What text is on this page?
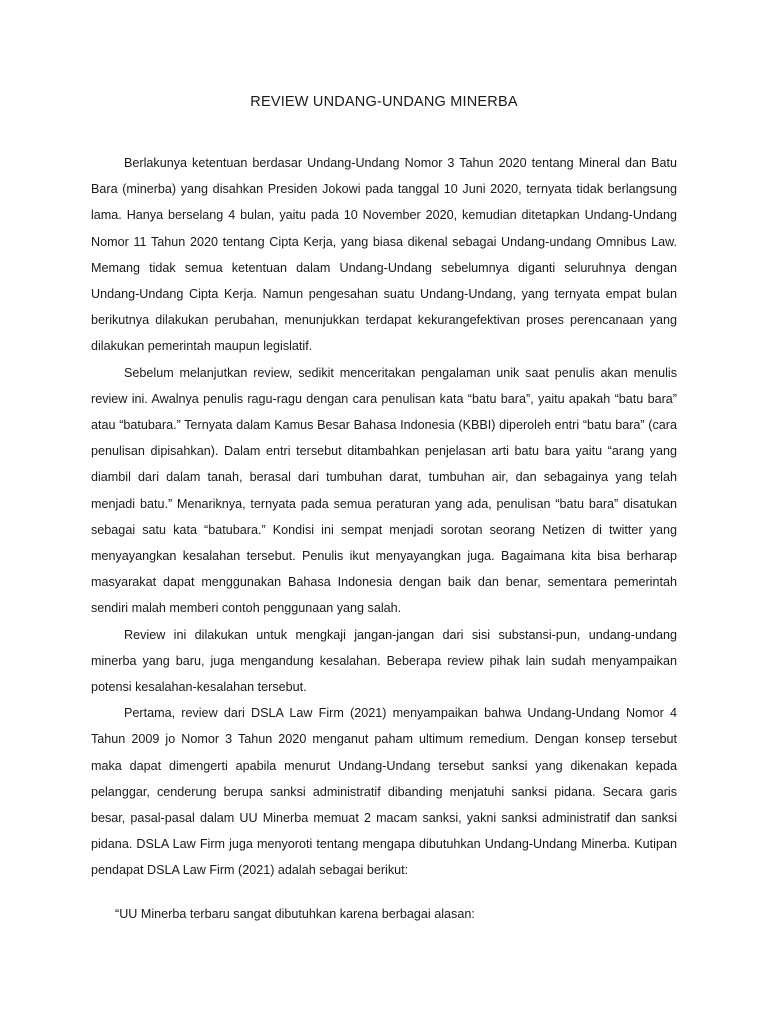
REVIEW UNDANG-UNDANG MINERBA

Berlakunya ketentuan berdasar Undang-Undang Nomor 3 Tahun 2020 tentang Mineral dan Batu Bara (minerba) yang disahkan Presiden Jokowi pada tanggal 10 Juni 2020, ternyata tidak berlangsung lama. Hanya berselang 4 bulan, yaitu pada 10 November 2020, kemudian ditetapkan Undang-Undang Nomor 11 Tahun 2020 tentang Cipta Kerja, yang biasa dikenal sebagai Undang-undang Omnibus Law. Memang tidak semua ketentuan dalam Undang-Undang sebelumnya diganti seluruhnya dengan Undang-Undang Cipta Kerja. Namun pengesahan suatu Undang-Undang, yang ternyata empat bulan berikutnya dilakukan perubahan, menunjukkan terdapat kekurangefektivan proses perencanaan yang dilakukan pemerintah maupun legislatif.

Sebelum melanjutkan review, sedikit menceritakan pengalaman unik saat penulis akan menulis review ini. Awalnya penulis ragu-ragu dengan cara penulisan kata “batu bara”, yaitu apakah “batu bara” atau “batubara.” Ternyata dalam Kamus Besar Bahasa Indonesia (KBBI) diperoleh entri “batu bara” (cara penulisan dipisahkan). Dalam entri tersebut ditambahkan penjelasan arti batu bara yaitu “arang yang diambil dari dalam tanah, berasal dari tumbuhan darat, tumbuhan air, dan sebagainya yang telah menjadi batu.” Menariknya, ternyata pada semua peraturan yang ada, penulisan “batu bara” disatukan sebagai satu kata “batubara.” Kondisi ini sempat menjadi sorotan seorang Netizen di twitter yang menyayangkan kesalahan tersebut. Penulis ikut menyayangkan juga. Bagaimana kita bisa berharap masyarakat dapat menggunakan Bahasa Indonesia dengan baik dan benar, sementara pemerintah sendiri malah memberi contoh penggunaan yang salah.

Review ini dilakukan untuk mengkaji jangan-jangan dari sisi substansi-pun, undang-undang minerba yang baru, juga mengandung kesalahan. Beberapa review pihak lain sudah menyampaikan potensi kesalahan-kesalahan tersebut.

Pertama, review dari DSLA Law Firm (2021) menyampaikan bahwa Undang-Undang Nomor 4 Tahun 2009 jo Nomor 3 Tahun 2020 menganut paham ultimum remedium. Dengan konsep tersebut maka dapat dimengerti apabila menurut Undang-Undang tersebut sanksi yang dikenakan kepada pelanggar, cenderung berupa sanksi administratif dibanding menjatuhi sanksi pidana. Secara garis besar, pasal-pasal dalam UU Minerba memuat 2 macam sanksi, yakni sanksi administratif dan sanksi pidana. DSLA Law Firm juga menyoroti tentang mengapa dibutuhkan Undang-Undang Minerba. Kutipan pendapat DSLA Law Firm (2021) adalah sebagai berikut:

“UU Minerba terbaru sangat dibutuhkan karena berbagai alasan:
